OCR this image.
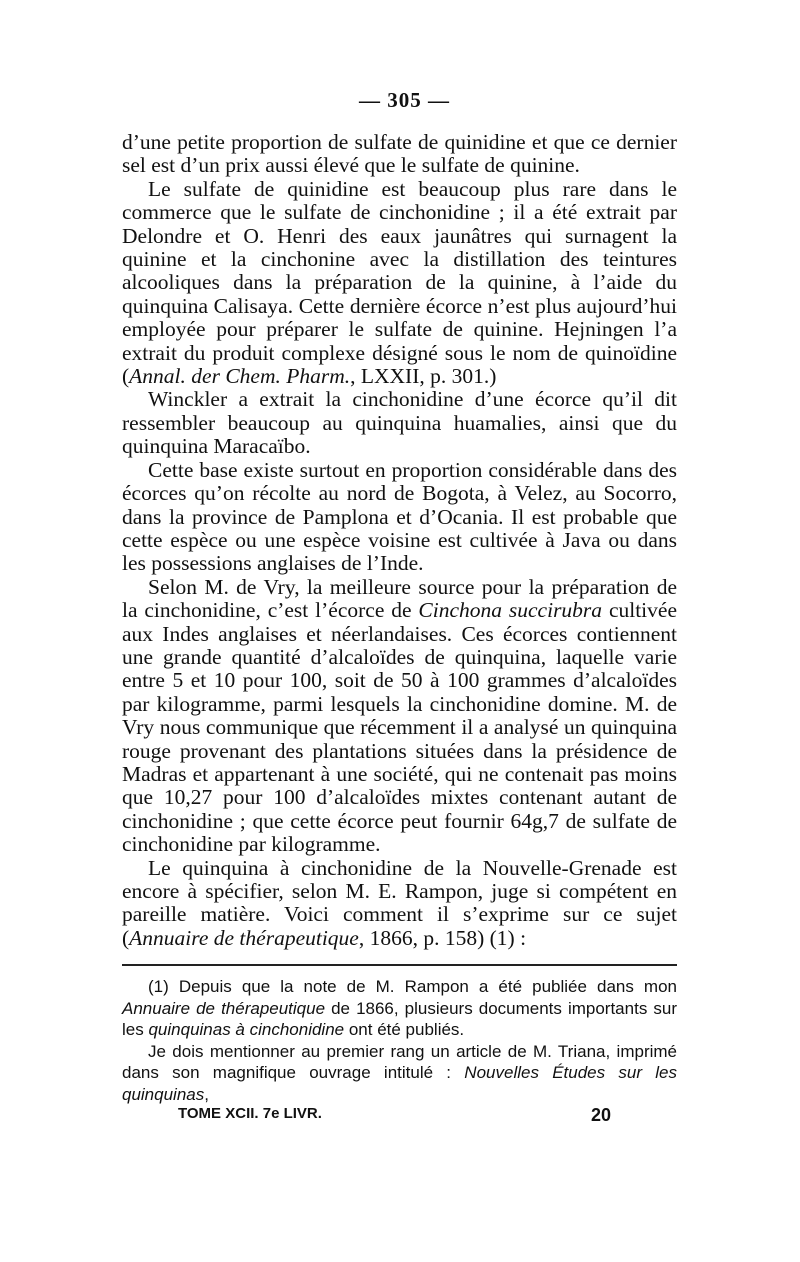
— 305 —

d’une petite proportion de sulfate de quinidine et que ce dernier sel est d’un prix aussi élevé que le sulfate de quinine.

Le sulfate de quinidine est beaucoup plus rare dans le commerce que le sulfate de cinchonidine ; il a été extrait par Delondre et O. Henri des eaux jaunâtres qui surnagent la quinine et la cinchonine avec la distillation des teintures alcooliques dans la préparation de la quinine, à l’aide du quinquina Calisaya. Cette dernière écorce n’est plus aujourd’hui employée pour préparer le sulfate de quinine. Hejningen l’a extrait du produit complexe désigné sous le nom de quinoïdine (Annal. der Chem. Pharm., LXXII, p. 301.)

Winckler a extrait la cinchonidine d’une écorce qu’il dit ressembler beaucoup au quinquina huamalies, ainsi que du quinquina Maracaïbo.

Cette base existe surtout en proportion considérable dans des écorces qu’on récolte au nord de Bogota, à Velez, au Socorro, dans la province de Pamplona et d’Ocania. Il est probable que cette espèce ou une espèce voisine est cultivée à Java ou dans les possessions anglaises de l’Inde.

Selon M. de Vry, la meilleure source pour la préparation de la cinchonidine, c’est l’écorce de Cinchona succirubra cultivée aux Indes anglaises et néerlandaises. Ces écorces contiennent une grande quantité d’alcaloïdes de quinquina, laquelle varie entre 5 et 10 pour 100, soit de 50 à 100 grammes d’alcaloïdes par kilogramme, parmi lesquels la cinchonidine domine. M. de Vry nous communique que récemment il a analysé un quinquina rouge provenant des plantations situées dans la présidence de Madras et appartenant à une société, qui ne contenait pas moins que 10,27 pour 100 d’alcaloïdes mixtes contenant autant de cinchonidine ; que cette écorce peut fournir 64g,7 de sulfate de cinchonidine par kilogramme.

Le quinquina à cinchonidine de la Nouvelle-Grenade est encore à spécifier, selon M. E. Rampon, juge si compétent en pareille matière. Voici comment il s’exprime sur ce sujet (Annuaire de thérapeutique, 1866, p. 158) (1) :

(1) Depuis que la note de M. Rampon a été publiée dans mon Annuaire de thérapeutique de 1866, plusieurs documents importants sur les quinquinas à cinchonidine ont été publiés.

Je dois mentionner au premier rang un article de M. Triana, imprimé dans son magnifique ouvrage intitulé : Nouvelles Études sur les quinquinas,

TOME XCII. 7e LIVR.	20
